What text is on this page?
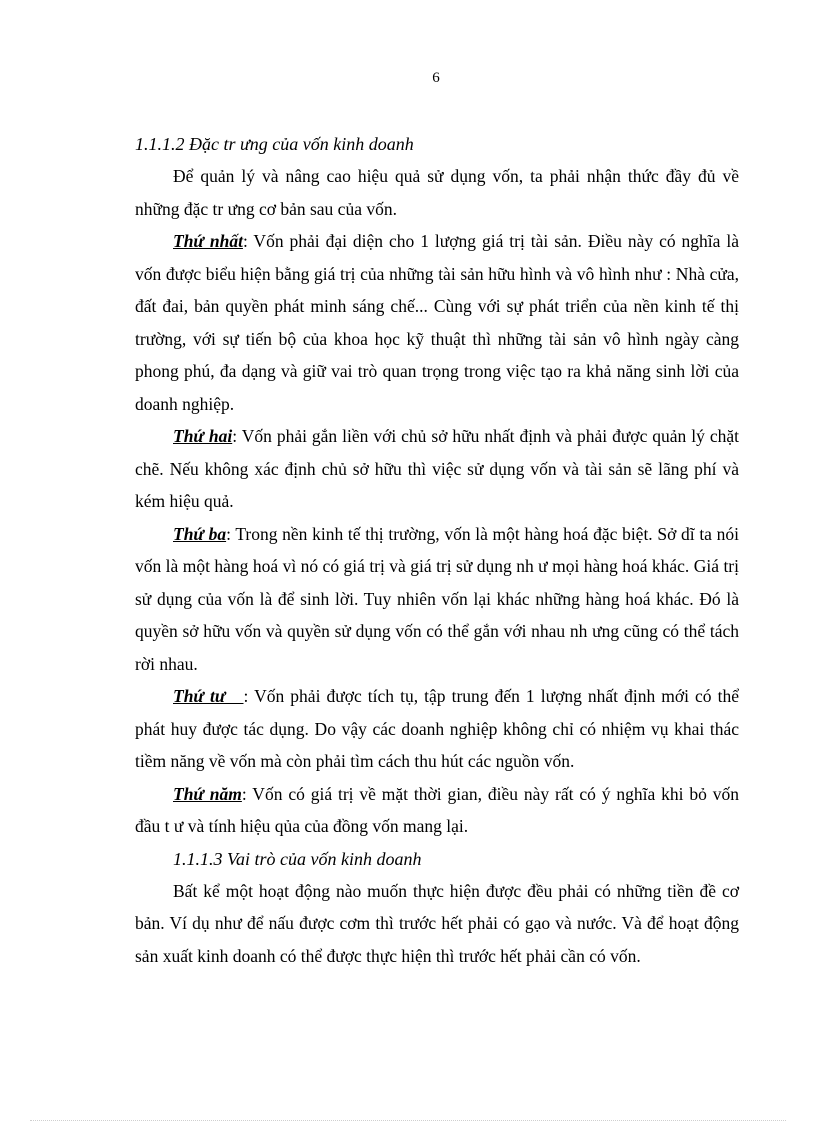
6

1.1.1.2 Đặc tr ưng của vốn kinh doanh

Để quản lý và nâng cao hiệu quả sử dụng vốn, ta phải nhận thức đầy đủ về những đặc tr ưng cơ bản sau của vốn.

Thứ nhất: Vốn phải đại diện cho 1 lượng giá trị tài sản. Điều này có nghĩa là vốn được biểu hiện bằng giá trị của những tài sản hữu hình và vô hình như : Nhà cửa, đất đai, bản quyền phát minh sáng chế... Cùng với sự phát triển của nền kinh tế thị trường, với sự tiến bộ của khoa học kỹ thuật thì những tài sản vô hình ngày càng phong phú, đa dạng và giữ vai trò quan trọng trong việc tạo ra khả năng sinh lời của doanh nghiệp.

Thứ hai: Vốn phải gắn liền với chủ sở hữu nhất định và phải được quản lý chặt chẽ. Nếu không xác định chủ sở hữu thì việc sử dụng vốn và tài sản sẽ lãng phí và kém hiệu quả.

Thứ ba: Trong nền kinh tế thị trường, vốn là một hàng hoá đặc biệt. Sở dĩ ta nói vốn là một hàng hoá vì nó có giá trị và giá trị sử dụng nh ư mọi hàng hoá khác. Giá trị sử dụng của vốn là để sinh lời. Tuy nhiên vốn lại khác những hàng hoá khác. Đó là quyền sở hữu vốn và quyền sử dụng vốn có thể gắn với nhau nh ưng cũng có thể tách rời nhau.

Thứ tư   : Vốn phải được tích tụ, tập trung đến 1 lượng nhất định mới có thể phát huy được tác dụng. Do vậy các doanh nghiệp không chỉ có nhiệm vụ khai thác tiềm năng về vốn mà còn phải tìm cách thu hút các nguồn vốn.

Thứ năm: Vốn có giá trị về mặt thời gian, điều này rất có ý nghĩa khi bỏ vốn đầu t ư và tính hiệu qủa của đồng vốn mang lại.

1.1.1.3 Vai trò của vốn kinh doanh

Bất kể một hoạt động nào muốn thực hiện được đều phải có những tiền đề cơ bản. Ví dụ như để nấu được cơm thì trước hết phải có gạo và nước. Và để hoạt động sản xuất kinh doanh có thể được thực hiện thì trước hết phải cần có vốn.
